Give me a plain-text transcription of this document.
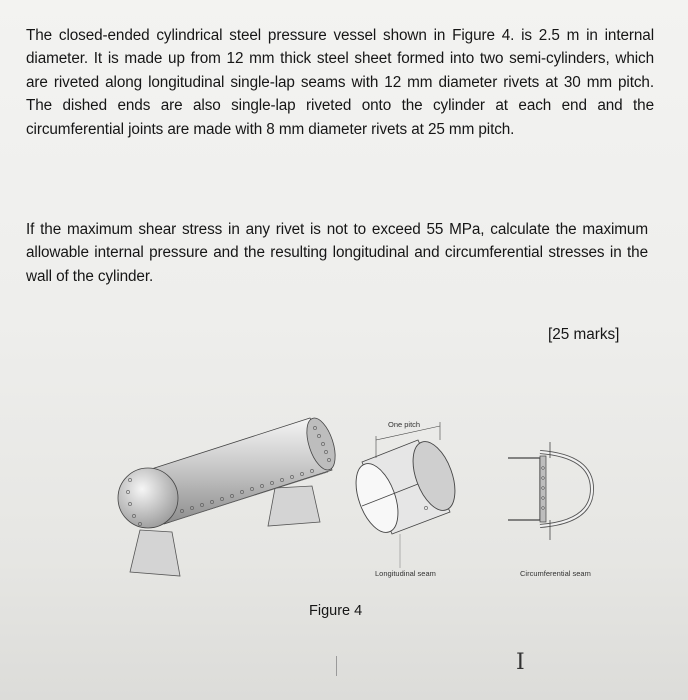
The closed-ended cylindrical steel pressure vessel shown in Figure 4. is 2.5 m in internal diameter. It is made up from 12 mm thick steel sheet formed into two semi-cylinders, which are riveted along longitudinal single-lap seams with 12 mm diameter rivets at 30 mm pitch. The dished ends are also single-lap riveted onto the cylinder at each end and the circumferential joints are made with 8 mm diameter rivets at 25 mm pitch.

If the maximum shear stress in any rivet is not to exceed 55 MPa, calculate the maximum allowable internal pressure and the resulting longitudinal and circumferential stresses in the wall of the cylinder.

[25 marks]
One pitch
Longitudinal seam	Circumferential seam
Figure 4
I
